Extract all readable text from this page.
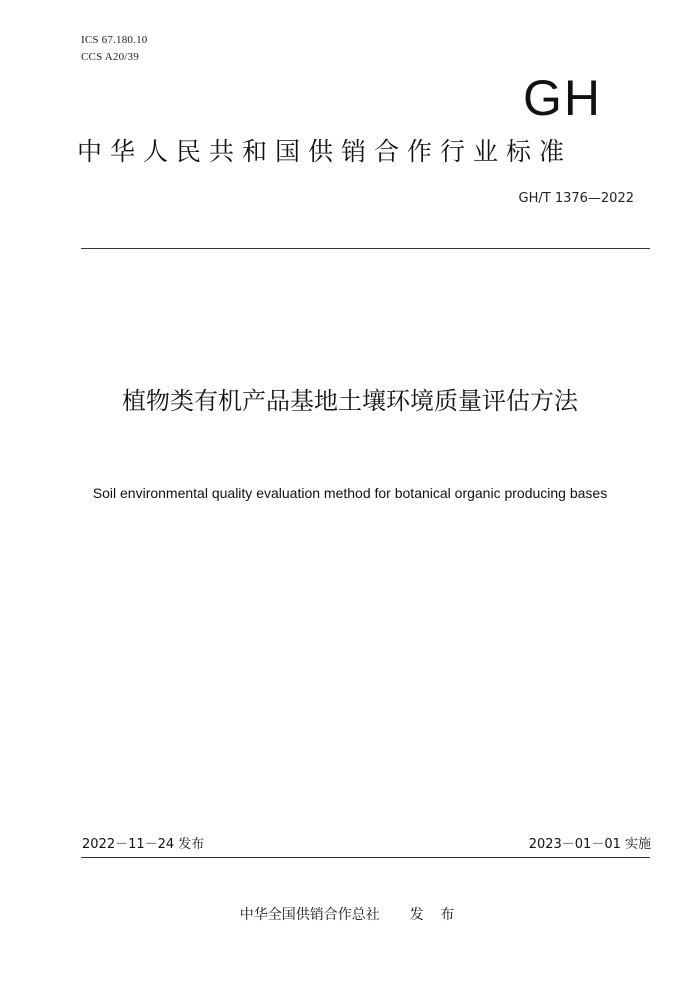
ICS 67.180.10
CCS A20/39
GH
中华人民共和国供销合作行业标准
GH/T 1376—2022
植物类有机产品基地土壤环境质量评估方法
Soil environmental quality evaluation method for botanical organic producing bases
2022－11－24 发布	2023－01－01 实施
中华全国供销合作总社 发 布
